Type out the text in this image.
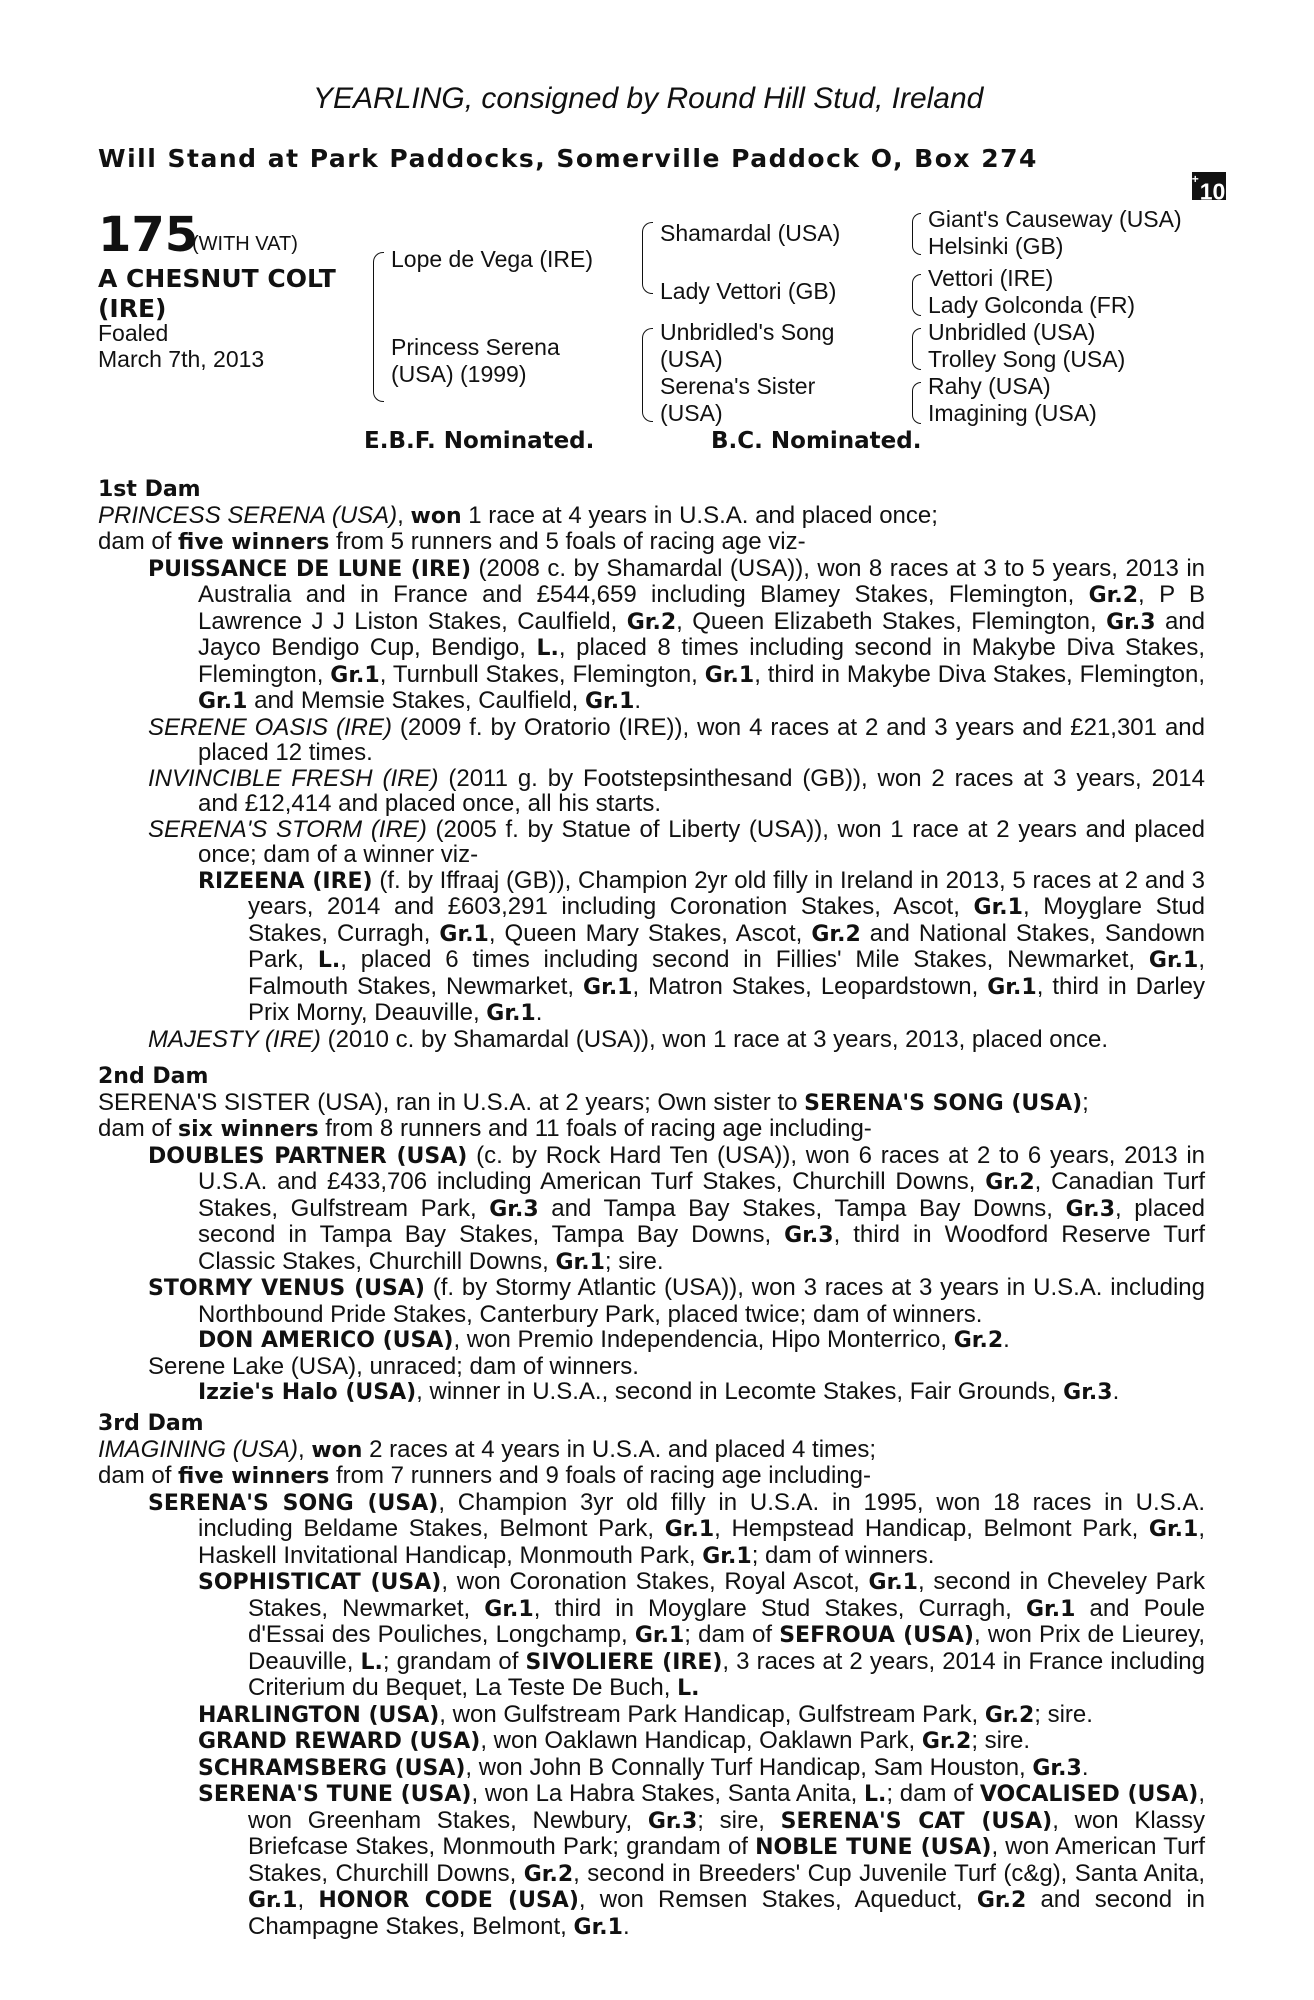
YEARLING, consigned by Round Hill Stud, Ireland
Will Stand at Park Paddocks, Somerville Paddock O, Box 274
+10
175
(WITH VAT)
A CHESNUT COLT (IRE)
Foaled
March 7th, 2013
Lope de Vega (IRE)
Princess Serena (USA) (1999)
Shamardal (USA)
Lady Vettori (GB)
Unbridled's Song (USA)
Serena's Sister (USA)
Giant's Causeway (USA)
Helsinki (GB)
Vettori (IRE)
Lady Golconda (FR)
Unbridled (USA)
Trolley Song (USA)
Rahy (USA)
Imagining (USA)
E.B.F. Nominated.	B.C. Nominated.

1st Dam

PRINCESS SERENA (USA), won 1 race at 4 years in U.S.A. and placed once;

dam of five winners from 5 runners and 5 foals of racing age viz-

PUISSANCE DE LUNE (IRE) (2008 c. by Shamardal (USA)), won 8 races at 3 to 5 years, 2013 in Australia and in France and £544,659 including Blamey Stakes, Flemington, Gr.2, P B Lawrence J J Liston Stakes, Caulfield, Gr.2, Queen Elizabeth Stakes, Flemington, Gr.3 and Jayco Bendigo Cup, Bendigo, L., placed 8 times including second in Makybe Diva Stakes, Flemington, Gr.1, Turnbull Stakes, Flemington, Gr.1, third in Makybe Diva Stakes, Flemington, Gr.1 and Memsie Stakes, Caulfield, Gr.1.

SERENE OASIS (IRE) (2009 f. by Oratorio (IRE)), won 4 races at 2 and 3 years and £21,301 and placed 12 times.

INVINCIBLE FRESH (IRE) (2011 g. by Footstepsinthesand (GB)), won 2 races at 3 years, 2014 and £12,414 and placed once, all his starts.

SERENA'S STORM (IRE) (2005 f. by Statue of Liberty (USA)), won 1 race at 2 years and placed once; dam of a winner viz-

RIZEENA (IRE) (f. by Iffraaj (GB)), Champion 2yr old filly in Ireland in 2013, 5 races at 2 and 3 years, 2014 and £603,291 including Coronation Stakes, Ascot, Gr.1, Moyglare Stud Stakes, Curragh, Gr.1, Queen Mary Stakes, Ascot, Gr.2 and National Stakes, Sandown Park, L., placed 6 times including second in Fillies' Mile Stakes, Newmarket, Gr.1, Falmouth Stakes, Newmarket, Gr.1, Matron Stakes, Leopardstown, Gr.1, third in Darley Prix Morny, Deauville, Gr.1.

MAJESTY (IRE) (2010 c. by Shamardal (USA)), won 1 race at 3 years, 2013, placed once.

2nd Dam

SERENA'S SISTER (USA), ran in U.S.A. at 2 years; Own sister to SERENA'S SONG (USA);

dam of six winners from 8 runners and 11 foals of racing age including-

DOUBLES PARTNER (USA) (c. by Rock Hard Ten (USA)), won 6 races at 2 to 6 years, 2013 in U.S.A. and £433,706 including American Turf Stakes, Churchill Downs, Gr.2, Canadian Turf Stakes, Gulfstream Park, Gr.3 and Tampa Bay Stakes, Tampa Bay Downs, Gr.3, placed second in Tampa Bay Stakes, Tampa Bay Downs, Gr.3, third in Woodford Reserve Turf Classic Stakes, Churchill Downs, Gr.1; sire.

STORMY VENUS (USA) (f. by Stormy Atlantic (USA)), won 3 races at 3 years in U.S.A. including Northbound Pride Stakes, Canterbury Park, placed twice; dam of winners.

DON AMERICO (USA), won Premio Independencia, Hipo Monterrico, Gr.2.

Serene Lake (USA), unraced; dam of winners.

Izzie's Halo (USA), winner in U.S.A., second in Lecomte Stakes, Fair Grounds, Gr.3.

3rd Dam

IMAGINING (USA), won 2 races at 4 years in U.S.A. and placed 4 times;

dam of five winners from 7 runners and 9 foals of racing age including-

SERENA'S SONG (USA), Champion 3yr old filly in U.S.A. in 1995, won 18 races in U.S.A. including Beldame Stakes, Belmont Park, Gr.1, Hempstead Handicap, Belmont Park, Gr.1, Haskell Invitational Handicap, Monmouth Park, Gr.1; dam of winners.

SOPHISTICAT (USA), won Coronation Stakes, Royal Ascot, Gr.1, second in Cheveley Park Stakes, Newmarket, Gr.1, third in Moyglare Stud Stakes, Curragh, Gr.1 and Poule d'Essai des Pouliches, Longchamp, Gr.1; dam of SEFROUA (USA), won Prix de Lieurey, Deauville, L.; grandam of SIVOLIERE (IRE), 3 races at 2 years, 2014 in France including Criterium du Bequet, La Teste De Buch, L.

HARLINGTON (USA), won Gulfstream Park Handicap, Gulfstream Park, Gr.2; sire.

GRAND REWARD (USA), won Oaklawn Handicap, Oaklawn Park, Gr.2; sire.

SCHRAMSBERG (USA), won John B Connally Turf Handicap, Sam Houston, Gr.3.

SERENA'S TUNE (USA), won La Habra Stakes, Santa Anita, L.; dam of VOCALISED (USA), won Greenham Stakes, Newbury, Gr.3; sire, SERENA'S CAT (USA), won Klassy Briefcase Stakes, Monmouth Park; grandam of NOBLE TUNE (USA), won American Turf Stakes, Churchill Downs, Gr.2, second in Breeders' Cup Juvenile Turf (c&g), Santa Anita, Gr.1, HONOR CODE (USA), won Remsen Stakes, Aqueduct, Gr.2 and second in Champagne Stakes, Belmont, Gr.1.
